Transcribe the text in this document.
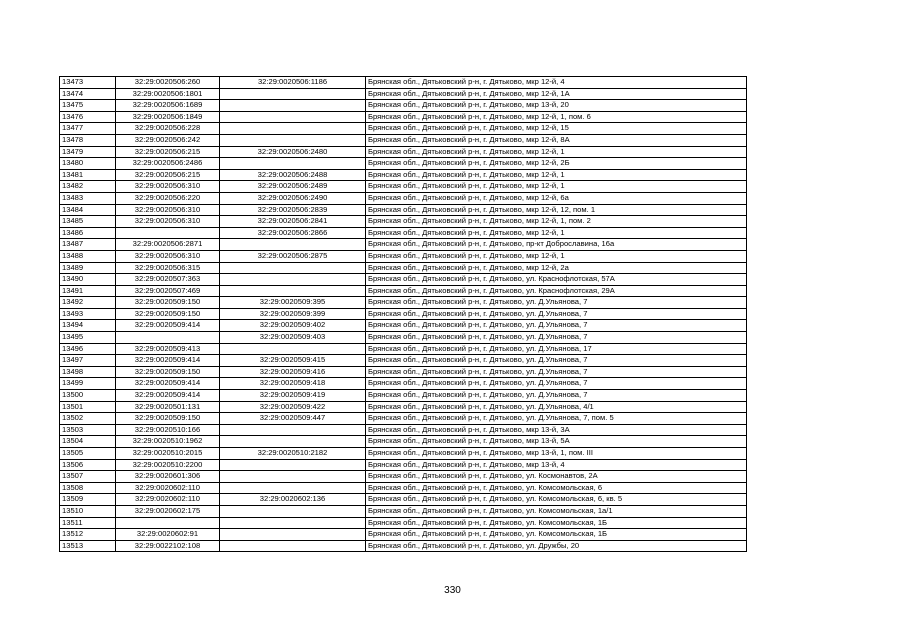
13473	32:29:0020506:260	32:29:0020506:1186	Брянская обл., Дятьковский р-н, г. Дятьково, мкр 12-й, 4
13474	32:29:0020506:1801		Брянская обл., Дятьковский р-н, г. Дятьково, мкр 12-й, 1А
13475	32:29:0020506:1689		Брянская обл., Дятьковский р-н, г. Дятьково, мкр 13-й, 20
13476	32:29:0020506:1849		Брянская обл., Дятьковский р-н, г. Дятьково, мкр 12-й, 1, пом. 6
13477	32:29:0020506:228		Брянская обл., Дятьковский р-н, г. Дятьково, мкр 12-й, 15
13478	32:29:0020506:242		Брянская обл., Дятьковский р-н, г. Дятьково, мкр 12-й, 8А
13479	32:29:0020506:215	32:29:0020506:2480	Брянская обл., Дятьковский р-н, г. Дятьково, мкр 12-й, 1
13480	32:29:0020506:2486		Брянская обл., Дятьковский р-н, г. Дятьково, мкр 12-й, 2Б
13481	32:29:0020506:215	32:29:0020506:2488	Брянская обл., Дятьковский р-н, г. Дятьково, мкр 12-й, 1
13482	32:29:0020506:310	32:29:0020506:2489	Брянская обл., Дятьковский р-н, г. Дятьково, мкр 12-й, 1
13483	32:29:0020506:220	32:29:0020506:2490	Брянская обл., Дятьковский р-н, г. Дятьково, мкр 12-й, 6а
13484	32:29:0020506:310	32:29:0020506:2839	Брянская обл., Дятьковский р-н, г. Дятьково, мкр 12-й, 12, пом. 1
13485	32:29:0020506:310	32:29:0020506:2841	Брянская обл., Дятьковский р-н, г. Дятьково, мкр 12-й, 1, пом. 2
13486		32:29:0020506:2866	Брянская обл., Дятьковский р-н, г. Дятьково, мкр 12-й, 1
13487	32:29:0020506:2871		Брянская обл., Дятьковский р-н, г. Дятьково, пр-кт Доброславина, 16а
13488	32:29:0020506:310	32:29:0020506:2875	Брянская обл., Дятьковский р-н, г. Дятьково, мкр 12-й, 1
13489	32:29:0020506:315		Брянская обл., Дятьковский р-н, г. Дятьково, мкр 12-й, 2а
13490	32:29:0020507:363		Брянская обл., Дятьковский р-н, г. Дятьково, ул. Краснофлотская, 57А
13491	32:29:0020507:469		Брянская обл., Дятьковский р-н, г. Дятьково, ул. Краснофлотская, 29А
13492	32:29:0020509:150	32:29:0020509:395	Брянская обл., Дятьковский р-н, г. Дятьково, ул. Д.Ульянова, 7
13493	32:29:0020509:150	32:29:0020509:399	Брянская обл., Дятьковский р-н, г. Дятьково, ул. Д.Ульянова, 7
13494	32:29:0020509:414	32:29:0020509:402	Брянская обл., Дятьковский р-н, г. Дятьково, ул. Д.Ульянова, 7
13495		32:29:0020509:403	Брянская обл., Дятьковский р-н, г. Дятьково, ул. Д.Ульянова, 7
13496	32:29:0020509:413		Брянская обл., Дятьковский р-н, г. Дятьково, ул. Д.Ульянова, 17
13497	32:29:0020509:414	32:29:0020509:415	Брянская обл., Дятьковский р-н, г. Дятьково, ул. Д.Ульянова, 7
13498	32:29:0020509:150	32:29:0020509:416	Брянская обл., Дятьковский р-н, г. Дятьково, ул. Д.Ульянова, 7
13499	32:29:0020509:414	32:29:0020509:418	Брянская обл., Дятьковский р-н, г. Дятьково, ул. Д.Ульянова, 7
13500	32:29:0020509:414	32:29:0020509:419	Брянская обл., Дятьковский р-н, г. Дятьково, ул. Д.Ульянова, 7
13501	32:29:0020501:131	32:29:0020509:422	Брянская обл., Дятьковский р-н, г. Дятьково, ул. Д.Ульянова, 4/1
13502	32:29:0020509:150	32:29:0020509:447	Брянская обл., Дятьковский р-н, г. Дятьково, ул. Д.Ульянова, 7, пом. 5
13503	32:29:0020510:166		Брянская обл., Дятьковский р-н, г. Дятьково, мкр 13-й, 3А
13504	32:29:0020510:1962		Брянская обл., Дятьковский р-н, г. Дятьково, мкр 13-й, 5А
13505	32:29:0020510:2015	32:29:0020510:2182	Брянская обл., Дятьковский р-н, г. Дятьково, мкр 13-й, 1, пом. III
13506	32:29:0020510:2200		Брянская обл., Дятьковский р-н, г. Дятьково, мкр 13-й, 4
13507	32:29:0020601:306		Брянская обл., Дятьковский р-н, г. Дятьково, ул. Космонавтов, 2А
13508	32:29:0020602:110		Брянская обл., Дятьковский р-н, г. Дятьково, ул. Комсомольская, 6
13509	32:29:0020602:110	32:29:0020602:136	Брянская обл., Дятьковский р-н, г. Дятьково, ул. Комсомольская, 6, кв. 5
13510	32:29:0020602:175		Брянская обл., Дятьковский р-н, г. Дятьково, ул. Комсомольская, 1а/1
13511			Брянская обл., Дятьковский р-н, г. Дятьково, ул. Комсомольская, 1Б
13512	32:29:0020602:91		Брянская обл., Дятьковский р-н, г. Дятьково, ул. Комсомольская, 1Б
13513	32:29:0022102:108		Брянская обл., Дятьковский р-н, г. Дятьково, ул. Дружбы, 20
330
